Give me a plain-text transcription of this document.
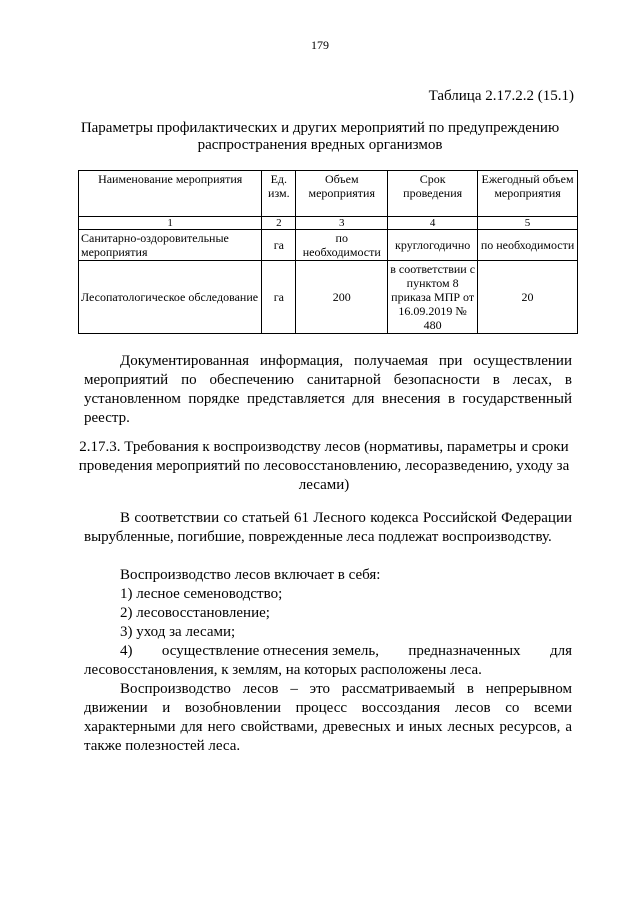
179
Таблица 2.17.2.2 (15.1)
Параметры профилактических и других мероприятий по предупреждению распространения вредных организмов
Наименование мероприятия	Ед. изм.	Объем мероприятия	Срок проведения	Ежегодный объем мероприятия
1	2	3	4	5
Санитарно-оздоровительные мероприятия	га	по необходимости	круглогодично	по необходимости
Лесопатологическое обследование	га	200	в соответствии с пунктом 8 приказа МПР от 16.09.2019 № 480	20
Документированная информация, получаемая при осуществлении мероприятий по обеспечению санитарной безопасности в лесах, в установленном порядке представляется для внесения в государственный реестр.
2.17.3. Требования к воспроизводству лесов (нормативы, параметры и сроки проведения мероприятий по лесовосстановлению, лесоразведению, уходу за лесами)
В соответствии со статьей 61 Лесного кодекса Российской Федерации вырубленные, погибшие, поврежденные леса подлежат воспроизводству.
Воспроизводство лесов включает в себя:
1) лесное семеноводство;
2) лесовосстановление;
3) уход за лесами;
4) осуществление отнесения земель, предназначенных для
лесовосстановления, к землям, на которых расположены леса.
Воспроизводство лесов – это рассматриваемый в непрерывном движении и возобновлении процесс воссоздания лесов со всеми характерными для него свойствами, древесных и иных лесных ресурсов, а также полезностей леса.
